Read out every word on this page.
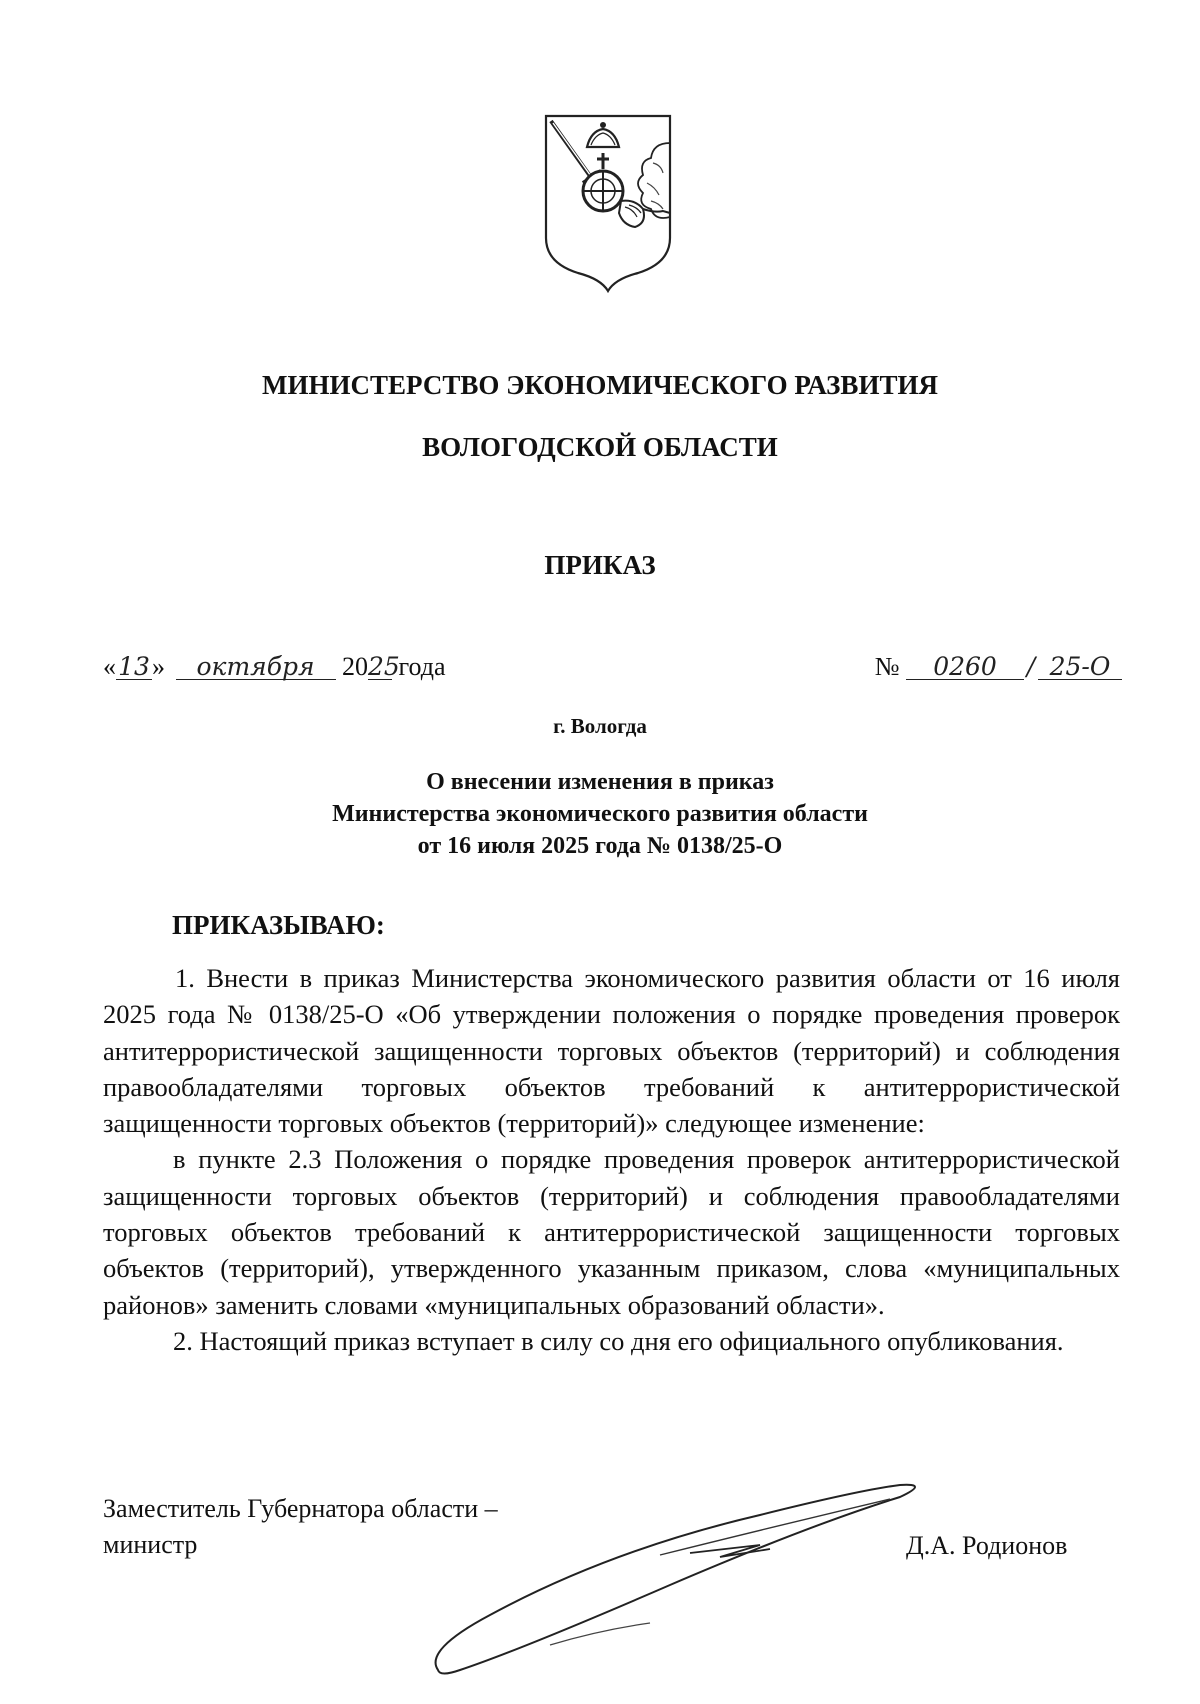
МИНИСТЕРСТВО ЭКОНОМИЧЕСКОГО РАЗВИТИЯ
ВОЛОГОДСКОЙ ОБЛАСТИ
ПРИКАЗ
«13» октября 2025 года	№ 0260 / 25-О
г. Вологда
О внесении изменения в приказ
Министерства экономического развития области
от 16 июля 2025 года № 0138/25-О
ПРИКАЗЫВАЮ:

1. Внести в приказ Министерства экономического развития области от 16 июля 2025 года № 0138/25-О «Об утверждении положения о порядке проведения проверок антитеррористической защищенности торговых объектов (территорий) и соблюдения правообладателями торговых объектов требований к антитеррористической защищенности торговых объектов (территорий)» следующее изменение:

в пункте 2.3 Положения о порядке проведения проверок антитеррористической защищенности торговых объектов (территорий) и соблюдения правообладателями торговых объектов требований к антитеррористической защищенности торговых объектов (территорий), утвержденного указанным приказом, слова «муниципальных районов» заменить словами «муниципальных образований области».

2. Настоящий приказ вступает в силу со дня его официального опубликования.

Заместитель Губернатора области –
министр	Д.А. Родионов
